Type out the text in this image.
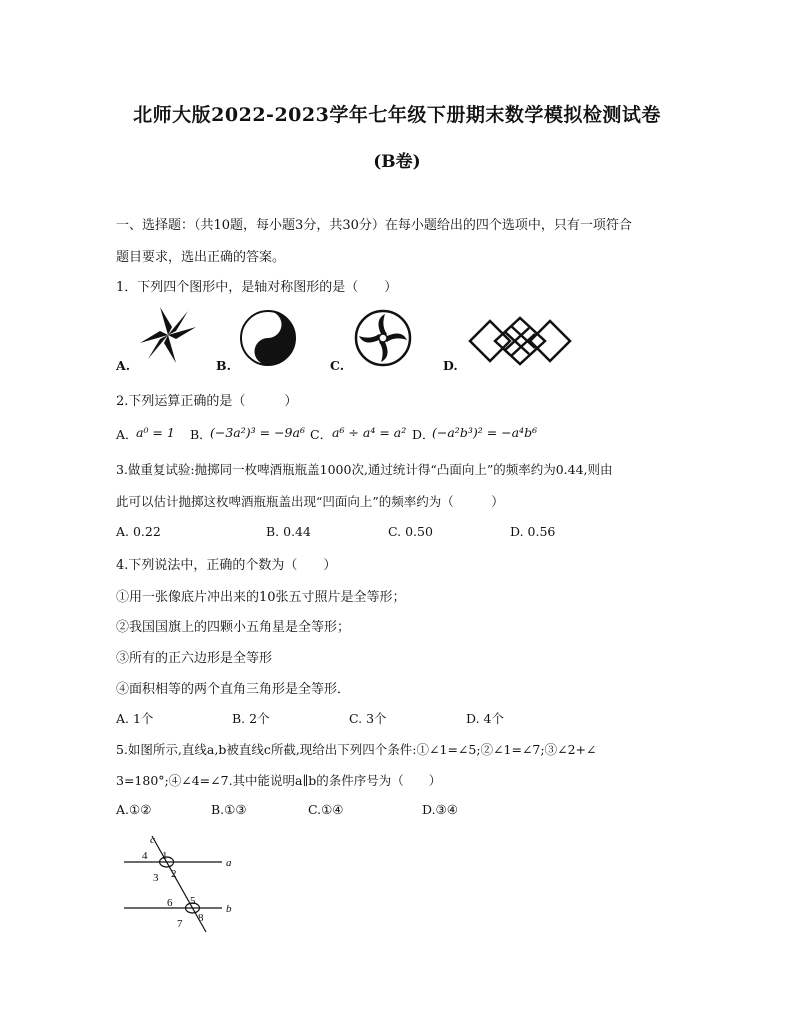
北师大版2022-2023学年七年级下册期末数学模拟检测试卷
(B卷)
一、选择题：（共10题，每小题3分，共30分）在每小题给出的四个选项中，只有一项符合
题目要求，选出正确的答案。
1．下列四个图形中，是轴对称图形的是（　　）
A.	B.	C.	D.
2.下列运算正确的是（　　　）
A．
a⁰ = 1 B．
(−3a²)³ = −9a⁶ C． a⁶ ÷ a⁴ = a² D．
(−a²b³)² = −a⁴b⁶
3.做重复试验:抛掷同一枚啤酒瓶瓶盖1000次,通过统计得“凸面向上”的频率约为0.44,则由
此可以估计抛掷这枚啤酒瓶瓶盖出现“凹面向上”的频率约为（　　　）
A. 0.22	B. 0.44	C. 0.50	D. 0.56
4.下列说法中，正确的个数为（　　）
①用一张像底片冲出来的10张五寸照片是全等形；
②我国国旗上的四颗小五角星是全等形；
③所有的正六边形是全等形
④面积相等的两个直角三角形是全等形．
A. 1个	B. 2个	C. 3个	D. 4个
5.如图所示,直线a,b被直线c所截,现给出下列四个条件:①∠1=∠5;②∠1=∠7;③∠2+∠
3=180°;④∠4=∠7.其中能说明a∥b的条件序号为（　　）
A.①②	B.①③	C.①④	D.③④
c
a
b
1
2
3
4
5
8
7
6
